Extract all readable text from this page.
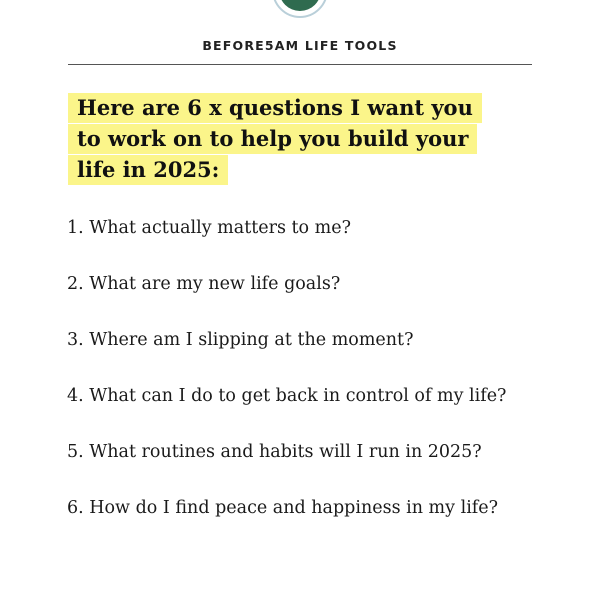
BEFORE5AM LIFE TOOLS
Here are 6 x questions I want you
to work on to help you build your
life in 2025:
1. What actually matters to me?
2. What are my new life goals?
3. Where am I slipping at the moment?
4. What can I do to get back in control of my life?
5. What routines and habits will I run in 2025?
6. How do I find peace and happiness in my life?
